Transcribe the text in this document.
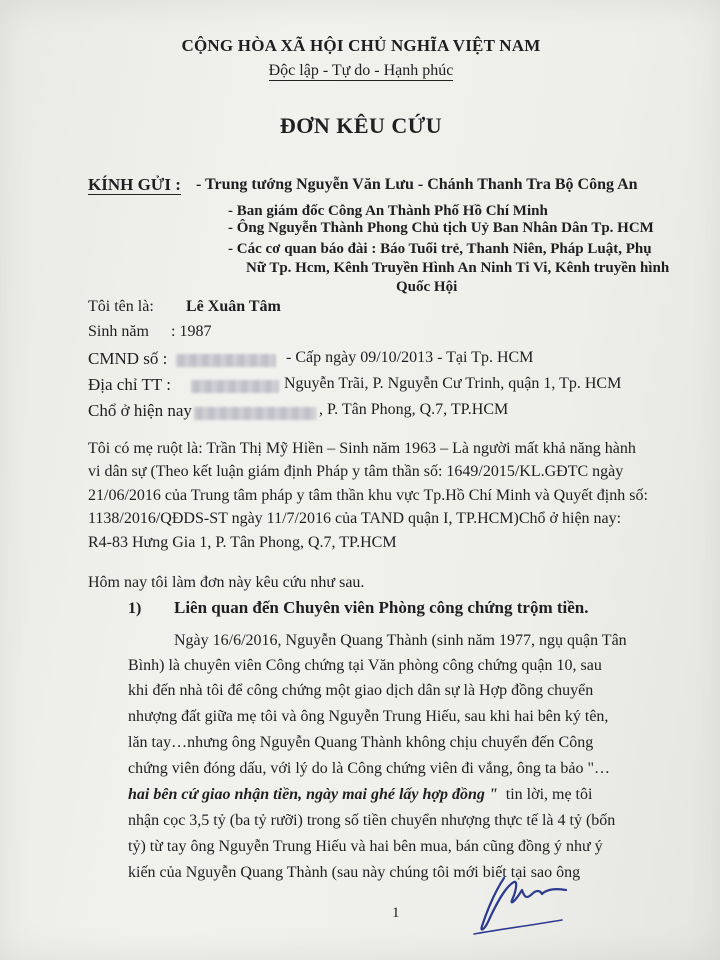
CỘNG HÒA XÃ HỘI CHỦ NGHĨA VIỆT NAM
Độc lập - Tự do - Hạnh phúc
ĐƠN KÊU CỨU
KÍNH GỬI : - Trung tướng Nguyễn Văn Lưu - Chánh Thanh Tra Bộ Công An
- Ban giám đốc Công An Thành Phố Hồ Chí Minh
- Ông Nguyễn Thành Phong Chủ tịch Uỷ Ban Nhân Dân Tp. HCM
- Các cơ quan báo đài : Báo Tuổi trẻ, Thanh Niên, Pháp Luật, Phụ
Nữ Tp. Hcm, Kênh Truyền Hình An Ninh Ti Vi, Kênh truyền hình
Quốc Hội
Tôi tên là: Lê Xuân Tâm
Sinh năm : 1987
CMND số :	- Cấp ngày 09/10/2013 - Tại Tp. HCM
Địa chỉ TT :	Nguyễn Trãi, P. Nguyễn Cư Trinh, quận 1, Tp. HCM
Chổ ở hiện nay	, P. Tân Phong, Q.7, TP.HCM
Tôi có mẹ ruột là: Trần Thị Mỹ Hiền – Sinh năm 1963 – Là người mất khả năng hành
vi dân sự (Theo kết luận giám định Pháp y tâm thần số: 1649/2015/KL.GĐTC ngày
21/06/2016 của Trung tâm pháp y tâm thần khu vực Tp.Hồ Chí Minh và Quyết định số:
1138/2016/QĐDS-ST ngày 11/7/2016 của TAND quận I, TP.HCM)Chổ ở hiện nay:
R4-83 Hưng Gia 1, P. Tân Phong, Q.7, TP.HCM
Hôm nay tôi làm đơn này kêu cứu như sau.
1) Liên quan đến Chuyên viên Phòng công chứng trộm tiền.
Ngày 16/6/2016, Nguyễn Quang Thành (sinh năm 1977, ngụ quận Tân
Bình) là chuyên viên Công chứng tại Văn phòng công chứng quận 10, sau
khi đến nhà tôi để công chứng một giao dịch dân sự là Hợp đồng chuyển
nhượng đất giữa mẹ tôi và ông Nguyễn Trung Hiếu, sau khi hai bên ký tên,
lăn tay…nhưng ông Nguyễn Quang Thành không chịu chuyển đến Công
chứng viên đóng dấu, với lý do là Công chứng viên đi vắng, ông ta bảo "…
hai bên cứ giao nhận tiền, ngày mai ghé lấy hợp đồng " tin lời, mẹ tôi
nhận cọc 3,5 tỷ (ba tỷ rưỡi) trong số tiền chuyển nhượng thực tế là 4 tỷ (bốn
tỷ) từ tay ông Nguyễn Trung Hiếu và hai bên mua, bán cũng đồng ý như ý
kiến của Nguyễn Quang Thành (sau này chúng tôi mới biết tại sao ông
1
